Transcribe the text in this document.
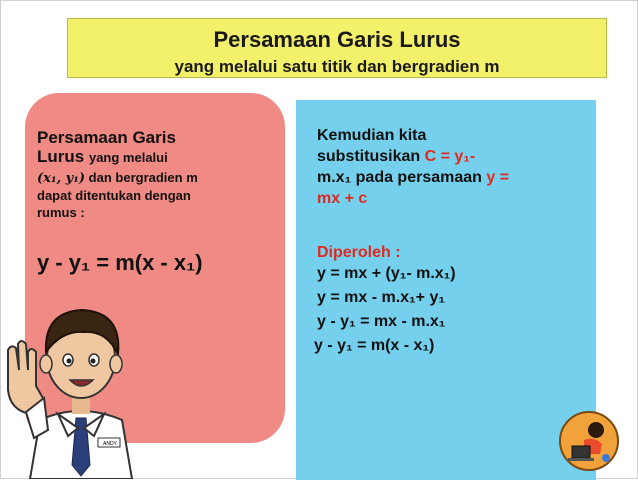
Persamaan Garis Lurus
yang melalui satu titik dan bergradien m
Persamaan Garis
Lurus yang melalui
(x₁, y₁) dan bergradien m
dapat ditentukan dengan
rumus :
y - y₁ = m(x - x₁)
Kemudian kita
substitusikan C = y₁-
m.x₁ pada persamaan y =
mx + c
Diperoleh :
y = mx + (y₁- m.x₁)
y = mx - m.x₁+ y₁
y - y₁ = mx - m.x₁
y - y₁ = m(x - x₁)
ANDY
